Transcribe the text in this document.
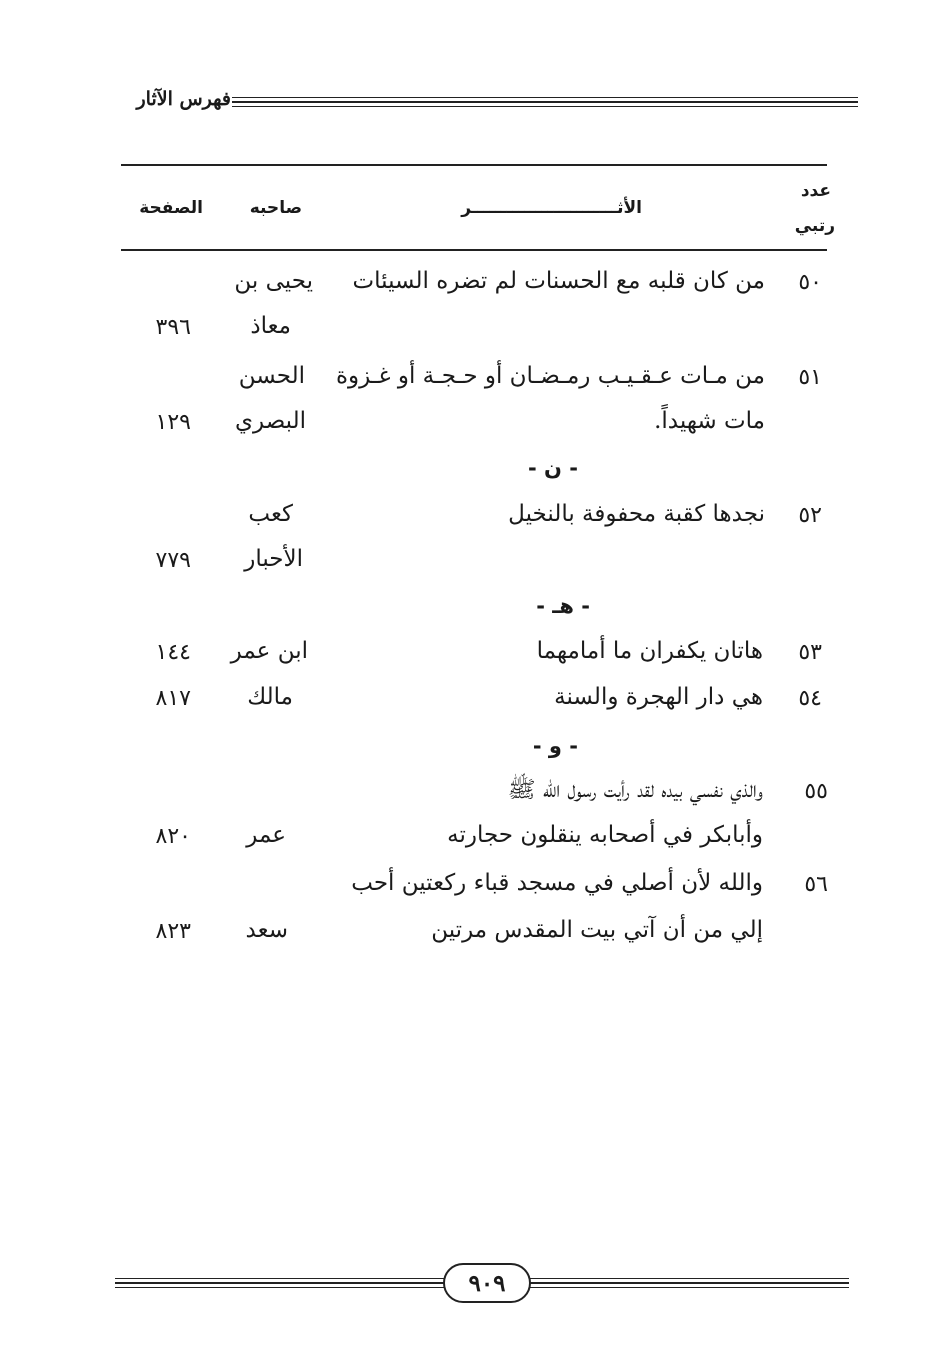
فهرس الآثار
عدد
رتبي
الأثـــــــــــــــــــــــــر
صاحبه
الصفحة
٥٠
من كان قلبه مع الحسنات لم تضره السيئات
يحيى بن
معاذ
٣٩٦
٥١
من مـات عـقـيـب رمـضـان أو حـجـة أو غـزوة
مات شهيداً.
الحسن
البصري
١٢٩
- ن -
٥٢
نجدها كقبة محفوفة بالنخيل
كعب
الأحبار
٧٧٩
- هـ -
٥٣
هاتان يكفران ما أمامهما
ابن عمر
١٤٤
٥٤
هي دار الهجرة والسنة
مالك
٨١٧
- و -
٥٥
والذي نفسي بيده لقد رأيت رسول الله ﷺ
وأبابكر في أصحابه ينقلون حجارته
عمر
٨٢٠
٥٦
والله لأن أصلي في مسجد قباء ركعتين أحب
إلي من أن آتي بيت المقدس مرتين
سعد
٨٢٣
٩٠٩
